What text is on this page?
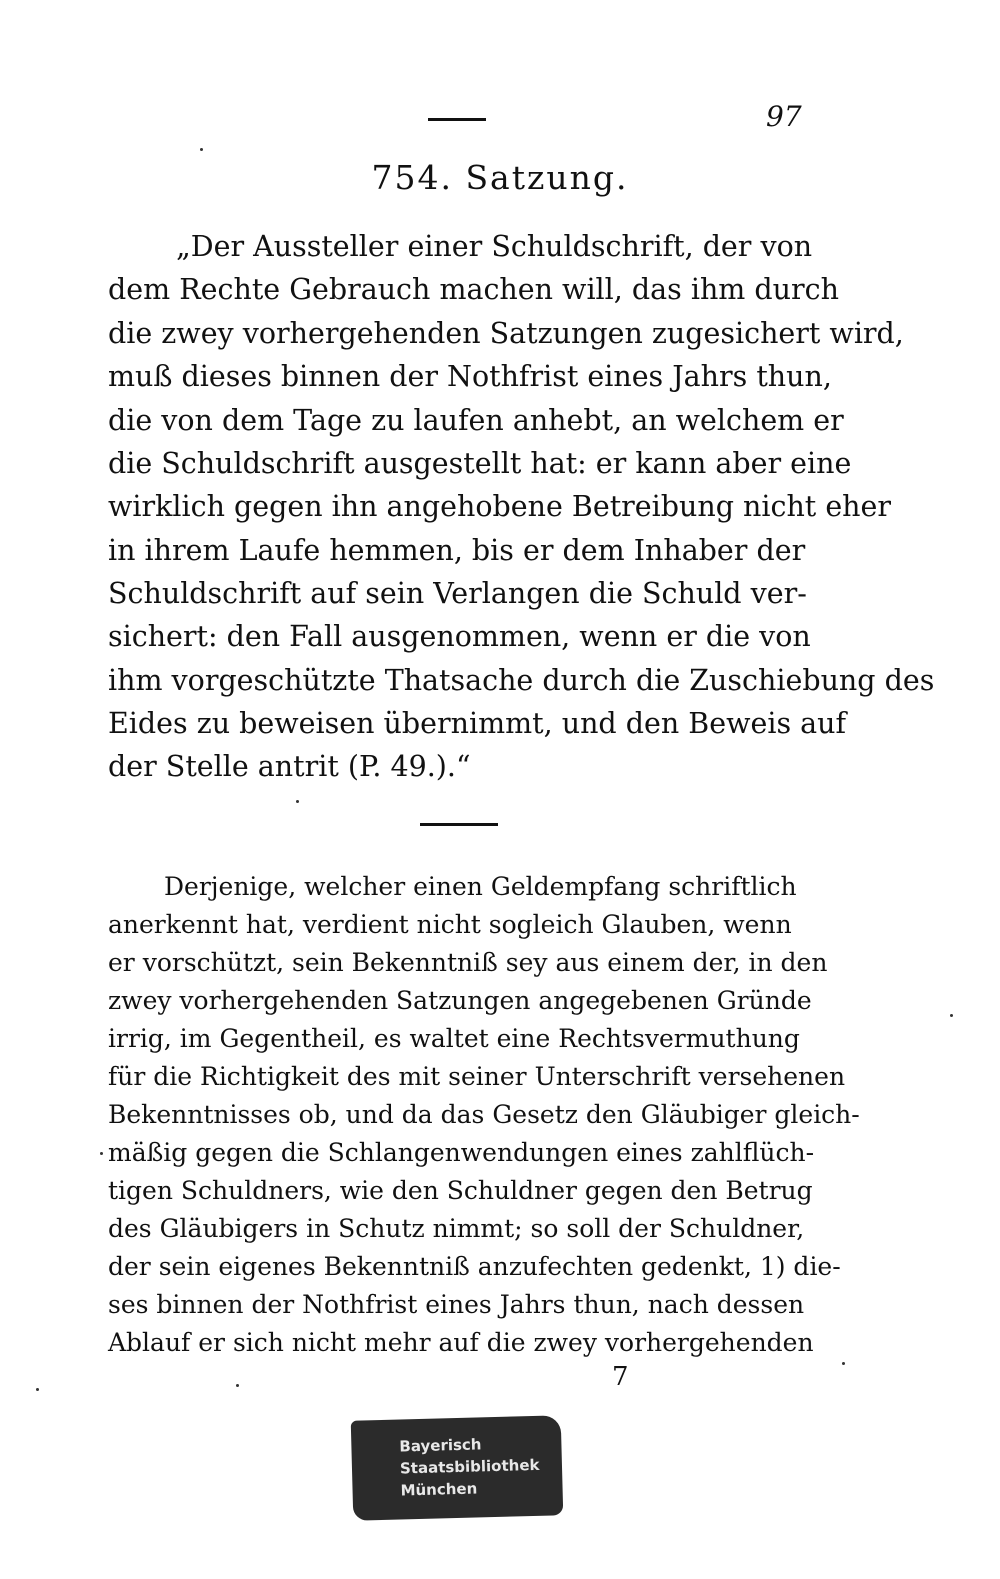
97
754. Satzung.
„Der Aussteller einer Schuldschrift, der von
dem Rechte Gebrauch machen will, das ihm durch
die zwey vorhergehenden Satzungen zugesichert wird,
muß dieses binnen der Nothfrist eines Jahrs thun,
die von dem Tage zu laufen anhebt, an welchem er
die Schuldschrift ausgestellt hat: er kann aber eine
wirklich gegen ihn angehobene Betreibung nicht eher
in ihrem Laufe hemmen, bis er dem Inhaber der
Schuldschrift auf sein Verlangen die Schuld ver-
sichert: den Fall ausgenommen, wenn er die von
ihm vorgeschützte Thatsache durch die Zuschiebung des
Eides zu beweisen übernimmt, und den Beweis auf
der Stelle antrit (P. 49.).“
Derjenige, welcher einen Geldempfang schriftlich
anerkennt hat, verdient nicht sogleich Glauben, wenn
er vorschützt, sein Bekenntniß sey aus einem der, in den
zwey vorhergehenden Satzungen angegebenen Gründe
irrig, im Gegentheil, es waltet eine Rechtsvermuthung
für die Richtigkeit des mit seiner Unterschrift versehenen
Bekenntnisses ob, und da das Gesetz den Gläubiger gleich-
mäßig gegen die Schlangenwendungen eines zahlflüch-
tigen Schuldners, wie den Schuldner gegen den Betrug
des Gläubigers in Schutz nimmt; so soll der Schuldner,
der sein eigenes Bekenntniß anzufechten gedenkt, 1) die-
ses binnen der Nothfrist eines Jahrs thun, nach dessen
Ablauf er sich nicht mehr auf die zwey vorhergehenden
7
Bayerisch
Staatsbibliothek
München
